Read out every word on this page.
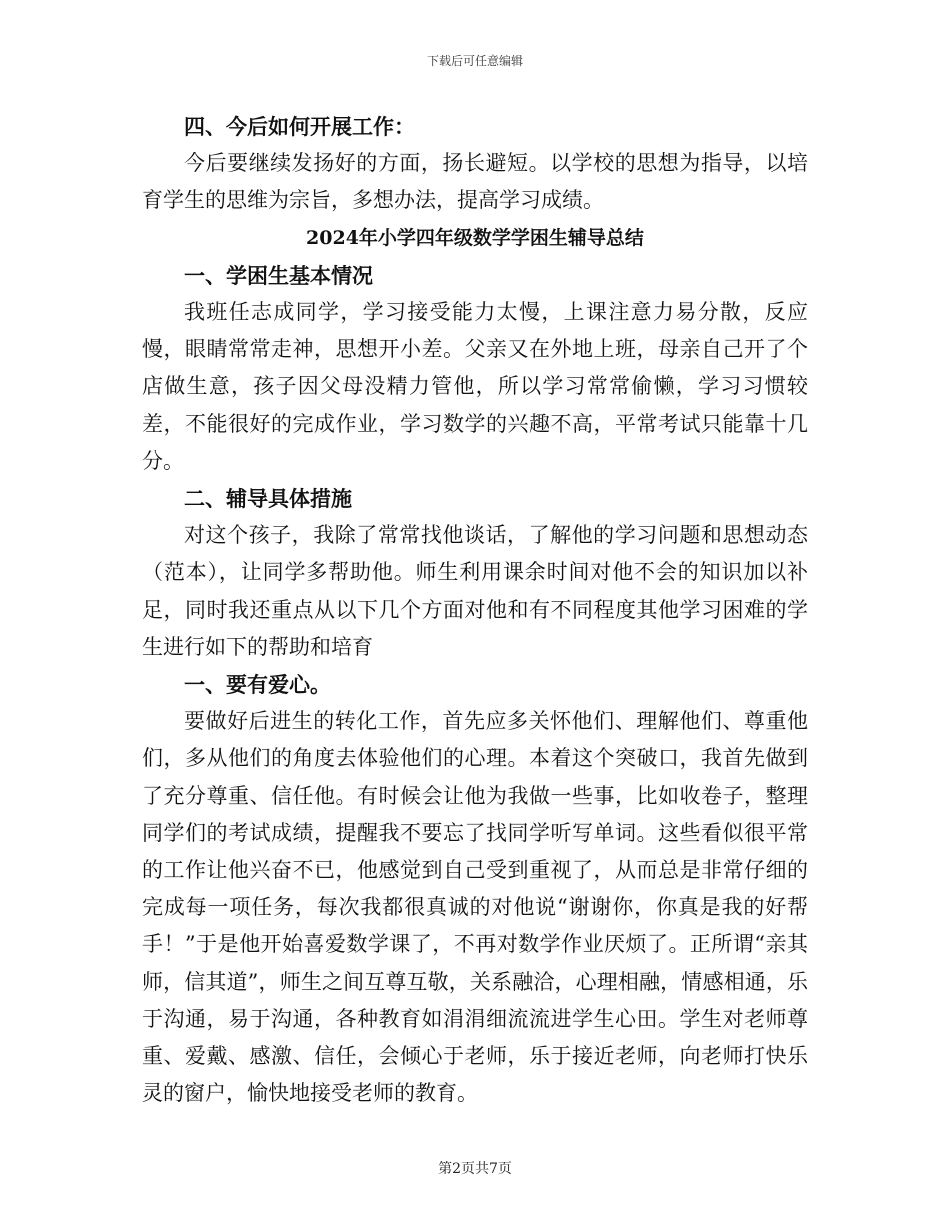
下载后可任意编辑

四、今后如何开展工作：

今后要继续发扬好的方面，扬长避短。以学校的思想为指导，以培育学生的思维为宗旨，多想办法，提高学习成绩。

2024年小学四年级数学学困生辅导总结

一、学困生基本情况

我班任志成同学，学习接受能力太慢，上课注意力易分散，反应慢，眼睛常常走神，思想开小差。父亲又在外地上班，母亲自己开了个店做生意，孩子因父母没精力管他，所以学习常常偷懒，学习习惯较差，不能很好的完成作业，学习数学的兴趣不高，平常考试只能靠十几分。

二、辅导具体措施

对这个孩子，我除了常常找他谈话，了解他的学习问题和思想动态（范本），让同学多帮助他。师生利用课余时间对他不会的知识加以补足，同时我还重点从以下几个方面对他和有不同程度其他学习困难的学生进行如下的帮助和培育

一、要有爱心。

要做好后进生的转化工作，首先应多关怀他们、理解他们、尊重他们，多从他们的角度去体验他们的心理。本着这个突破口，我首先做到了充分尊重、信任他。有时候会让他为我做一些事，比如收卷子，整理同学们的考试成绩，提醒我不要忘了找同学听写单词。这些看似很平常的工作让他兴奋不已，他感觉到自己受到重视了，从而总是非常仔细的完成每一项任务，每次我都很真诚的对他说“谢谢你，你真是我的好帮手！”于是他开始喜爱数学课了，不再对数学作业厌烦了。正所谓“亲其师，信其道”，师生之间互尊互敬，关系融洽，心理相融，情感相通，乐于沟通，易于沟通，各种教育如涓涓细流流进学生心田。学生对老师尊重、爱戴、感激、信任，会倾心于老师，乐于接近老师，向老师打快乐灵的窗户，愉快地接受老师的教育。

第2页共7页
